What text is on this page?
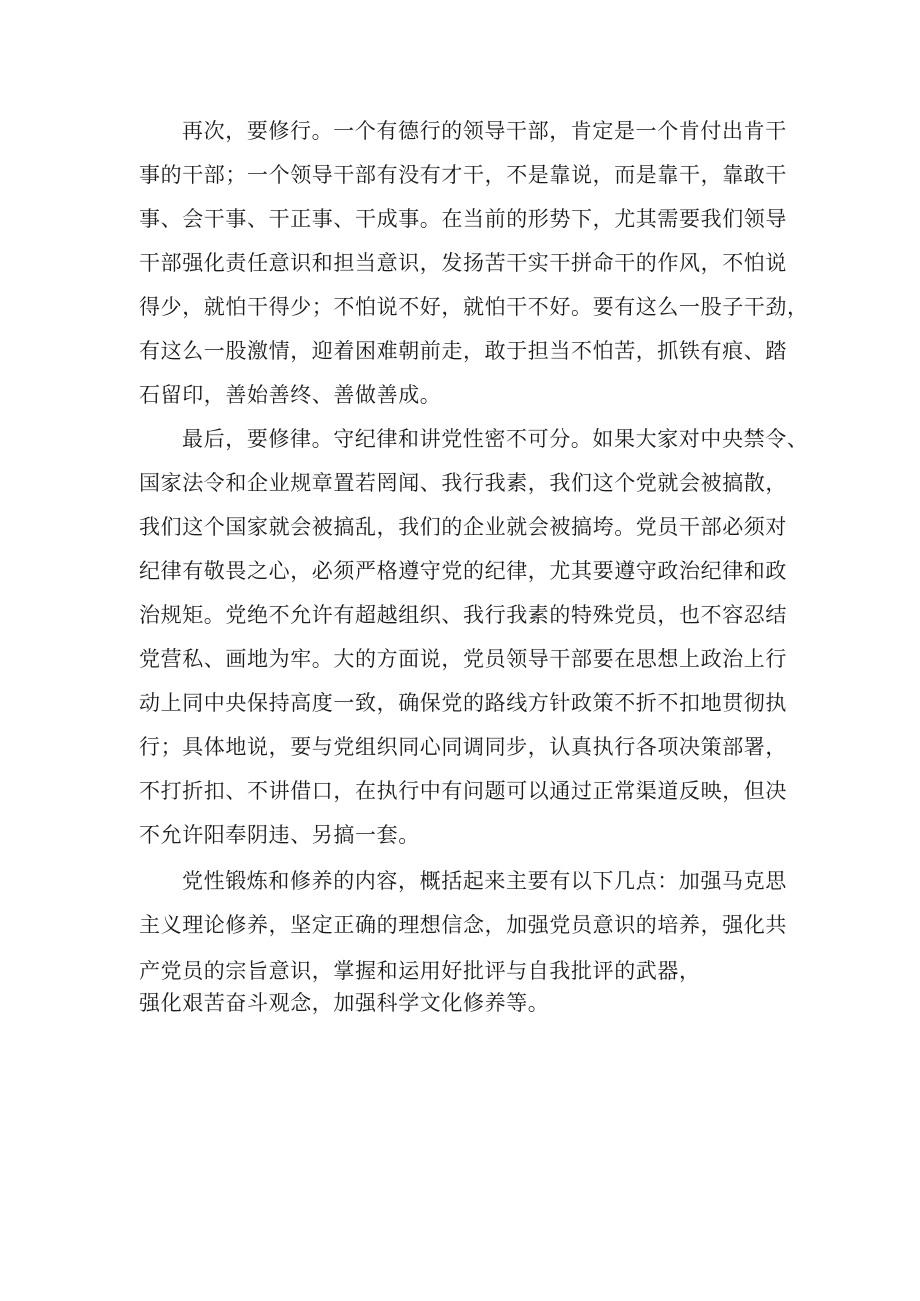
再次，要修行。一个有德行的领导干部，肯定是一个肯付出肯干
事的干部；一个领导干部有没有才干，不是靠说，而是靠干，靠敢干
事、会干事、干正事、干成事。在当前的形势下，尤其需要我们领导
干部强化责任意识和担当意识，发扬苦干实干拼命干的作风，不怕说
得少，就怕干得少；不怕说不好，就怕干不好。要有这么一股子干劲，
有这么一股激情，迎着困难朝前走，敢于担当不怕苦，抓铁有痕、踏
石留印，善始善终、善做善成。
最后，要修律。守纪律和讲党性密不可分。如果大家对中央禁令、
国家法令和企业规章置若罔闻、我行我素，我们这个党就会被搞散，
我们这个国家就会被搞乱，我们的企业就会被搞垮。党员干部必须对
纪律有敬畏之心，必须严格遵守党的纪律，尤其要遵守政治纪律和政
治规矩。党绝不允许有超越组织、我行我素的特殊党员，也不容忍结
党营私、画地为牢。大的方面说，党员领导干部要在思想上政治上行
动上同中央保持高度一致，确保党的路线方针政策不折不扣地贯彻执
行；具体地说，要与党组织同心同调同步，认真执行各项决策部署，
不打折扣、不讲借口，在执行中有问题可以通过正常渠道反映，但决
不允许阳奉阴违、另搞一套。
党性锻炼和修养的内容，概括起来主要有以下几点：加强马克思
主义理论修养，坚定正确的理想信念，加强党员意识的培养，强化共
产党员的宗旨意识，掌握和运用好批评与自我批评的武器，
强化艰苦奋斗观念，加强科学文化修养等。
